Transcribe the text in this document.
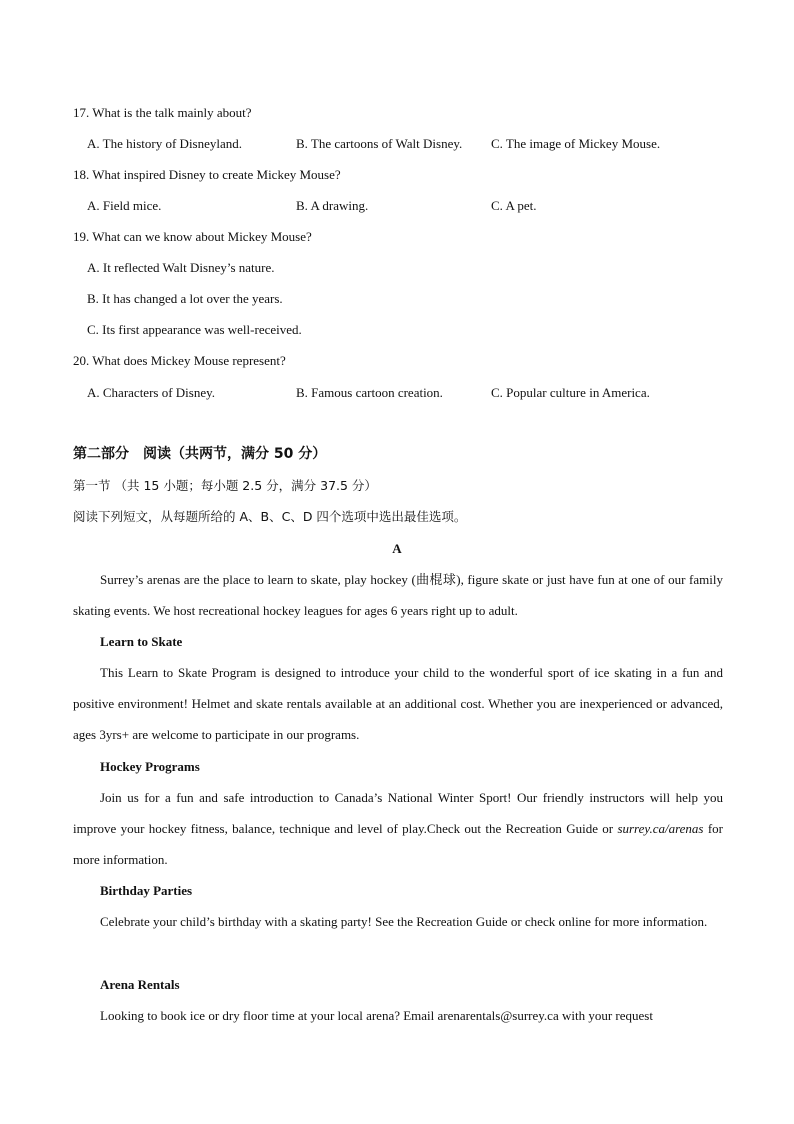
17. What is the talk mainly about?
A. The history of Disneyland.	B. The cartoons of Walt Disney. C. The image of Mickey Mouse.
18. What inspired Disney to create Mickey Mouse?
A. Field mice.	B. A drawing.	C. A pet.
19. What can we know about Mickey Mouse?
A. It reflected Walt Disney’s nature.
B. It has changed a lot over the years.
C. Its first appearance was well-received.
20. What does Mickey Mouse represent?
A. Characters of Disney.	B. Famous cartoon creation.	C. Popular culture in America.
第二部分　阅读（共两节，满分 50 分）
第一节 （共 15 小题；每小题 2.5 分，满分 37.5 分）
阅读下列短文，从每题所给的 A、B、C、D 四个选项中选出最佳选项。
A
Surrey’s arenas are the place to learn to skate, play hockey (曲棍球), figure skate or just have fun at one of our family skating events. We host recreational hockey leagues for ages 6 years right up to adult.
Learn to Skate
This Learn to Skate Program is designed to introduce your child to the wonderful sport of ice skating in a fun and positive environment! Helmet and skate rentals available at an additional cost. Whether you are inexperienced or advanced, ages 3yrs+ are welcome to participate in our programs.
Hockey Programs
Join us for a fun and safe introduction to Canada’s National Winter Sport! Our friendly instructors will help you improve your hockey fitness, balance, technique and level of play.Check out the Recreation Guide or surrey.ca/arenas for more information.
Birthday Parties
Celebrate your child’s birthday with a skating party! See the Recreation Guide or check online for more information.
Arena Rentals
Looking to book ice or dry floor time at your local arena? Email arenarentals@surrey.ca with your request
